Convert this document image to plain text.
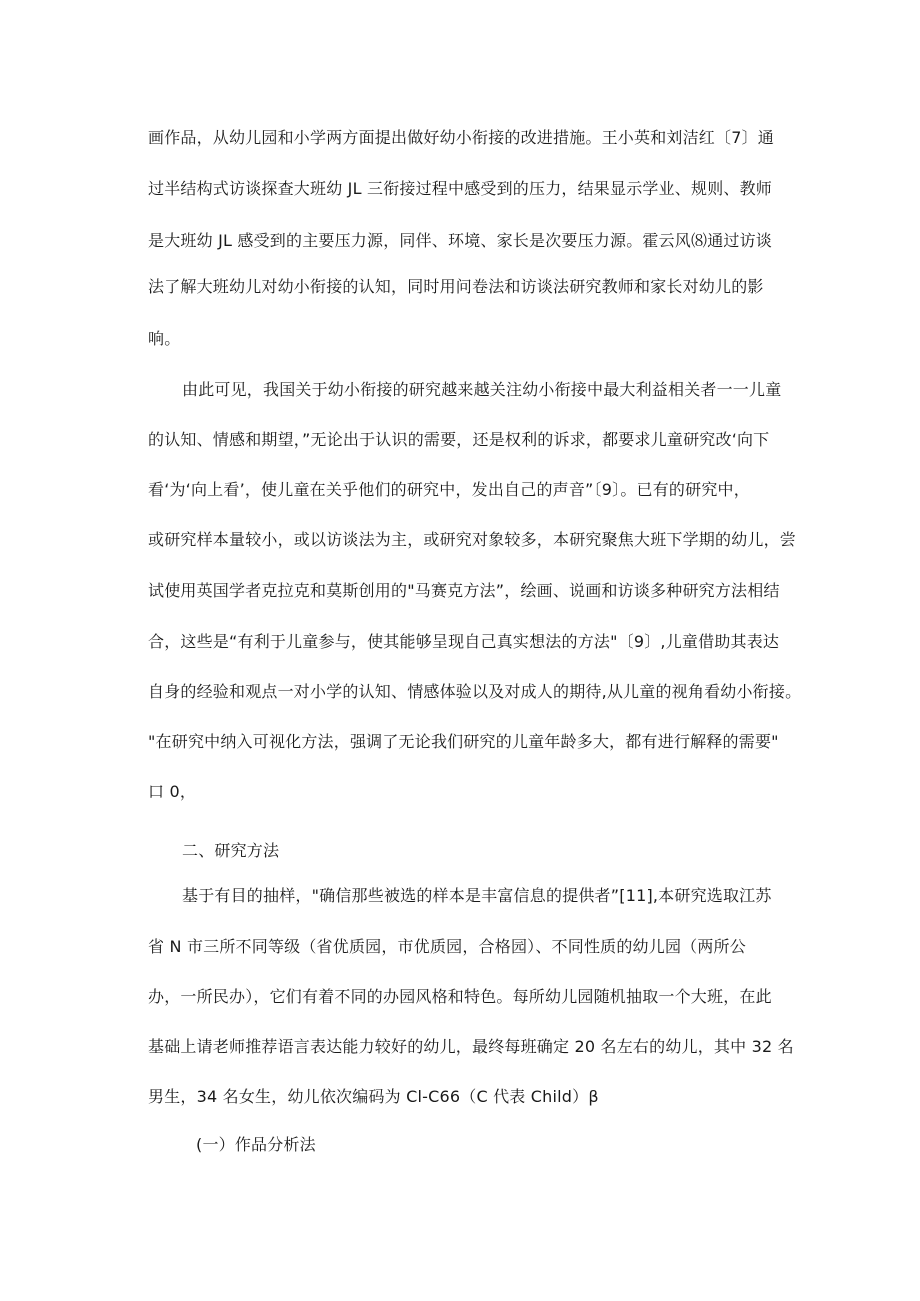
画作品，从幼儿园和小学两方面提出做好幼小衔接的改进措施。王小英和刘洁红〔7〕通
过半结构式访谈探查大班幼 JL 三衔接过程中感受到的压力，结果显示学业、规则、教师
是大班幼 JL 感受到的主要压力源，同伴、环境、家长是次要压力源。霍云风⑻通过访谈
法了解大班幼儿对幼小衔接的认知，同时用问卷法和访谈法研究教师和家长对幼儿的影
响。
由此可见，我国关于幼小衔接的研究越来越关注幼小衔接中最大利益相关者一一儿童
的认知、情感和期望，”无论出于认识的需要，还是权利的诉求，都要求儿童研究改‘向下
看‘为‘向上看’，使儿童在关乎他们的研究中，发出自己的声音”〔9〕。已有的研究中，
或研究样本量较小，或以访谈法为主，或研究对象较多，本研究聚焦大班下学期的幼儿，尝
试使用英国学者克拉克和莫斯创用的"马赛克方法”，绘画、说画和访谈多种研究方法相结
合，这些是“有利于儿童参与，使其能够呈现自己真实想法的方法"〔9〕,儿童借助其表达
自身的经验和观点一对小学的认知、情感体验以及对成人的期待,从儿童的视角看幼小衔接。
"在研究中纳入可视化方法，强调了无论我们研究的儿童年龄多大，都有进行解释的需要"
口 0，
二、研究方法
基于有目的抽样，"确信那些被选的样本是丰富信息的提供者”[11],本研究选取江苏
省 N 市三所不同等级（省优质园，市优质园，合格园）、不同性质的幼儿园（两所公
办，一所民办），它们有着不同的办园风格和特色。每所幼儿园随机抽取一个大班，在此
基础上请老师推荐语言表达能力较好的幼儿，最终每班确定 20 名左右的幼儿，其中 32 名
男生，34 名女生，幼儿依次编码为 Cl-C66（C 代表 Child）β
(一）作品分析法
